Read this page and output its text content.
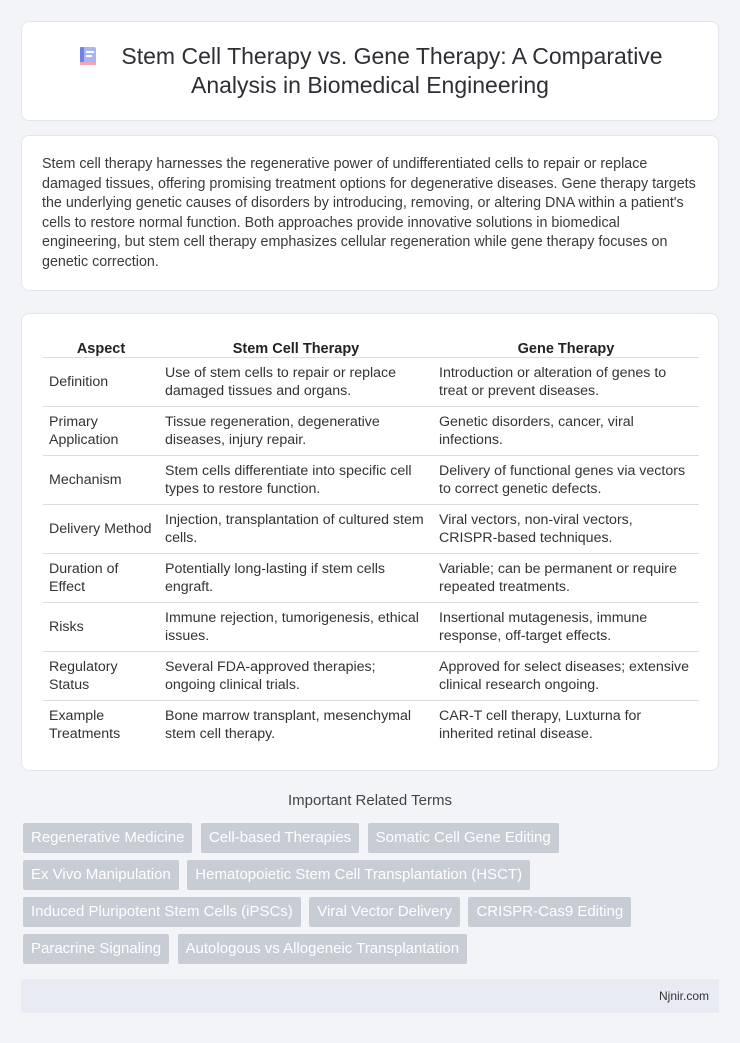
Stem Cell Therapy vs. Gene Therapy: A Comparative
Analysis in Biomedical Engineering

Stem cell therapy harnesses the regenerative power of undifferentiated cells to repair or replace damaged tissues, offering promising treatment options for degenerative diseases. Gene therapy targets the underlying genetic causes of disorders by introducing, removing, or altering DNA within a patient's cells to restore normal function. Both approaches provide innovative solutions in biomedical engineering, but stem cell therapy emphasizes cellular regeneration while gene therapy focuses on genetic correction.

Aspect	Stem Cell Therapy	Gene Therapy
Definition	Use of stem cells to repair or replace damaged tissues and organs.	Introduction or alteration of genes to treat or prevent diseases.
Primary Application	Tissue regeneration, degenerative diseases, injury repair.	Genetic disorders, cancer, viral infections.
Mechanism	Stem cells differentiate into specific cell types to restore function.	Delivery of functional genes via vectors to correct genetic defects.
Delivery Method	Injection, transplantation of cultured stem cells.	Viral vectors, non-viral vectors, CRISPR-based techniques.
Duration of Effect	Potentially long-lasting if stem cells engraft.	Variable; can be permanent or require repeated treatments.
Risks	Immune rejection, tumorigenesis, ethical issues.	Insertional mutagenesis, immune response, off-target effects.
Regulatory Status	Several FDA-approved therapies; ongoing clinical trials.	Approved for select diseases; extensive clinical research ongoing.
Example Treatments	Bone marrow transplant, mesenchymal stem cell therapy.	CAR-T cell therapy, Luxturna for inherited retinal disease.
Important Related Terms
Regenerative Medicine Cell-based Therapies Somatic Cell Gene Editing Ex Vivo Manipulation Hematopoietic Stem Cell Transplantation (HSCT) Induced Pluripotent Stem Cells (iPSCs) Viral Vector Delivery CRISPR-Cas9 Editing Paracrine Signaling Autologous vs Allogeneic Transplantation
Njnir.com
